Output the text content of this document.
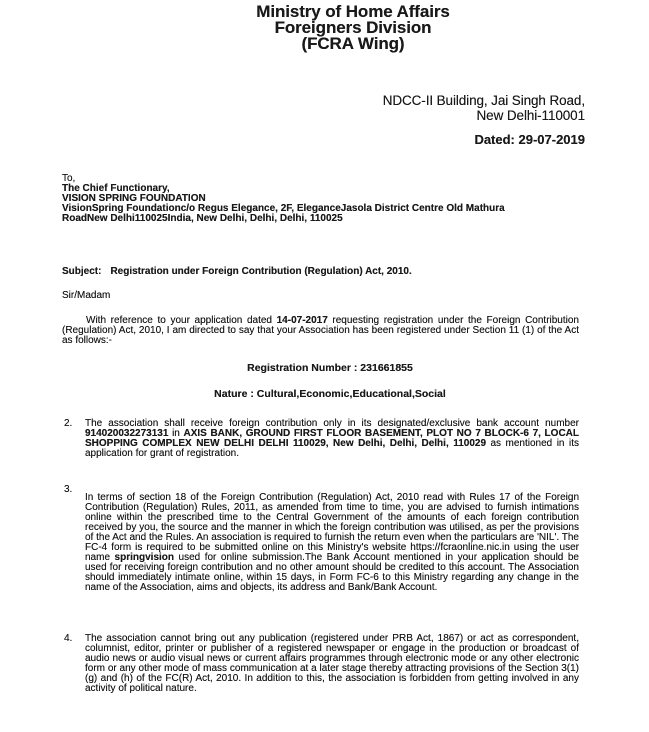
Ministry of Home Affairs
Foreigners Division
(FCRA Wing)
NDCC-II Building, Jai Singh Road,
New Delhi-110001
Dated: 29-07-2019
To,
The Chief Functionary,
VISION SPRING FOUNDATION
VisionSpring Foundationc/o Regus Elegance, 2F, EleganceJasola District Centre Old Mathura
RoadNew Delhi110025India, New Delhi, Delhi, Delhi, 110025
Subject: Registration under Foreign Contribution (Regulation) Act, 2010.
Sir/Madam
With reference to your application dated 14-07-2017 requesting registration under the Foreign Contribution (Regulation) Act, 2010, I am directed to say that your Association has been registered under Section 11 (1) of the Act as follows:-
Registration Number : 231661855
Nature : Cultural,Economic,Educational,Social
2.	The association shall receive foreign contribution only in its designated/exclusive bank account number 914020032273131 in AXIS BANK, GROUND FIRST FLOOR BASEMENT, PLOT NO 7 BLOCK-6 7, LOCAL SHOPPING COMPLEX NEW DELHI DELHI 110029, New Delhi, Delhi, Delhi, 110029 as mentioned in its application for grant of registration.
3.
In terms of section 18 of the Foreign Contribution (Regulation) Act, 2010 read with Rules 17 of the Foreign Contribution (Regulation) Rules, 2011, as amended from time to time, you are advised to furnish intimations online within the prescribed time to the Central Government of the amounts of each foreign contribution received by you, the source and the manner in which the foreign contribution was utilised, as per the provisions of the Act and the Rules. An association is required to furnish the return even when the particulars are 'NIL'. The FC-4 form is required to be submitted online on this Ministry's website https://fcraonline.nic.in using the user name springvision used for online submission.The Bank Account mentioned in your application should be used for receiving foreign contribution and no other amount should be credited to this account. The Association should immediately intimate online, within 15 days, in Form FC-6 to this Ministry regarding any change in the name of the Association, aims and objects, its address and Bank/Bank Account.
4.	The association cannot bring out any publication (registered under PRB Act, 1867) or act as correspondent, columnist, editor, printer or publisher of a registered newspaper or engage in the production or broadcast of audio news or audio visual news or current affairs programmes through electronic mode or any other electronic form or any other mode of mass communication at a later stage thereby attracting provisions of the Section 3(1) (g) and (h) of the FC(R) Act, 2010. In addition to this, the association is forbidden from getting involved in any activity of political nature.
